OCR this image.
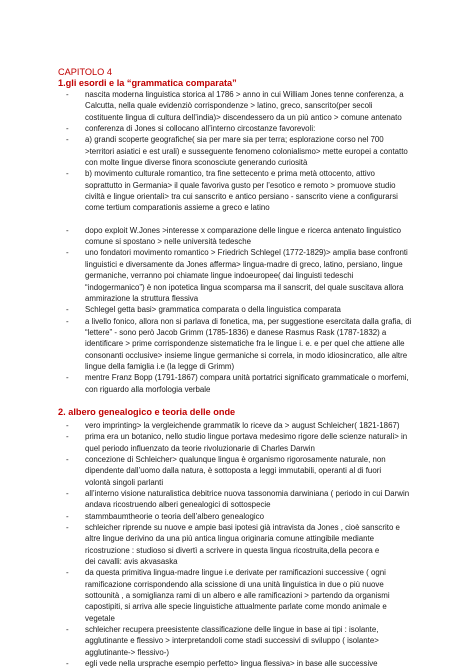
CAPITOLO 4
1.gli esordi e la “grammatica comparata”
- nascita moderna linguistica storica al 1786 > anno in cui William Jones tenne conferenza, a
Calcutta, nella quale evidenziò corrispondenze > latino, greco, sanscrito(per secoli
costituente lingua di cultura dell’india)> discendessero da un più antico > comune antenato
- conferenza di Jones si collocano all’interno circostanze favorevoli:
- a) grandi scoperte geografiche( sia per mare sia per terra; esplorazione corso nel 700
>territori asiatici e est urali) e susseguente fenomeno colonialismo> mette europei a contatto
con molte lingue diverse finora sconosciute generando curiosità
- b) movimento culturale romantico, tra fine settecento e prima metà ottocento, attivo
soprattutto in Germania> il quale favoriva gusto per l’esotico e remoto > promuove studio
civiltà e lingue orientali> tra cui sanscrito e antico persiano - sanscrito viene a configurarsi
come tertium comparationis assieme a greco e latino
- dopo exploit W.Jones >interesse x comparazione delle lingue e ricerca antenato linguistico
comune si spostano > nelle università tedesche
- uno fondatori movimento romantico > Friedrich Schlegel (1772-1829)> amplia base confronti
linguistici e diversamente da Jones afferma> lingua-madre di greco, latino, persiano, lingue
germaniche, verranno poi chiamate lingue indoeuropee( dai linguisti tedeschi
“indogermanico”) è non ipotetica lingua scomparsa ma il sanscrit, del quale suscitava allora
ammirazione la struttura flessiva
- Schlegel getta basi> grammatica comparata o della linguistica comparata
- a livello fonico, allora non si parlava di fonetica, ma, per suggestione esercitata dalla grafia, di
“lettere” - sono però Jacob Grimm (1785-1836) e danese Rasmus Rask (1787-1832) a
identificare > prime corrispondenze sistematiche fra le lingue i. e. e per quel che attiene alle
consonanti occlusive> insieme lingue germaniche si correla, in modo idiosincratico, alle altre
lingue della famiglia i.e (la legge di Grimm)
- mentre Franz Bopp (1791-1867) compara unità portatrici significato grammaticale o morfemi,
con riguardo alla morfologia verbale
2. albero genealogico e teoria delle onde
- vero imprinting> la vergleichende grammatik lo riceve da > august Schleicher( 1821-1867)
- prima era un botanico, nello studio lingue portava medesimo rigore delle scienze naturali> in
quel periodo influenzato da teorie rivoluzionarie di Charles Darwin
- concezione di Schleicher> qualunque lingua è organismo rigorosamente naturale, non
dipendente dall’uomo dalla natura, è sottoposta a leggi immutabili, operanti al di fuori
volontà singoli parlanti
- all’interno visione naturalistica debitrice nuova tassonomia darwiniana ( periodo in cui Darwin
andava ricostruendo alberi genealogici di sottospecie
- stammbaumtheorie o teoria dell’albero genealogico
- schleicher riprende su nuove e ampie basi ipotesi già intravista da Jones , cioè sanscrito e
altre lingue derivino da una più antica lingua originaria comune attingibile mediante
ricostruzione : studioso si divertì a scrivere in questa lingua ricostruita,della pecora e
dei cavalli: avis akvasaska
- da questa primitiva lingua-madre lingue i.e derivate per ramificazioni successive ( ogni
ramificazione corrispondendo alla scissione di una unità linguistica in due o più nuove
sottounità , a somiglianza rami di un albero e alle ramificazioni > partendo da organismi
capostipiti, si arriva alle specie linguistiche attualmente parlate come mondo animale e
vegetale
- schleicher recupera preesistente classificazione delle lingue in base ai tipi : isolante,
agglutinante e flessivo > interpretandoli come stadi successivi di sviluppo ( isolante>
agglutinante-> flessivo-)
- egli vede nella ursprache esempio perfetto> lingua flessiva> in base alle successive
